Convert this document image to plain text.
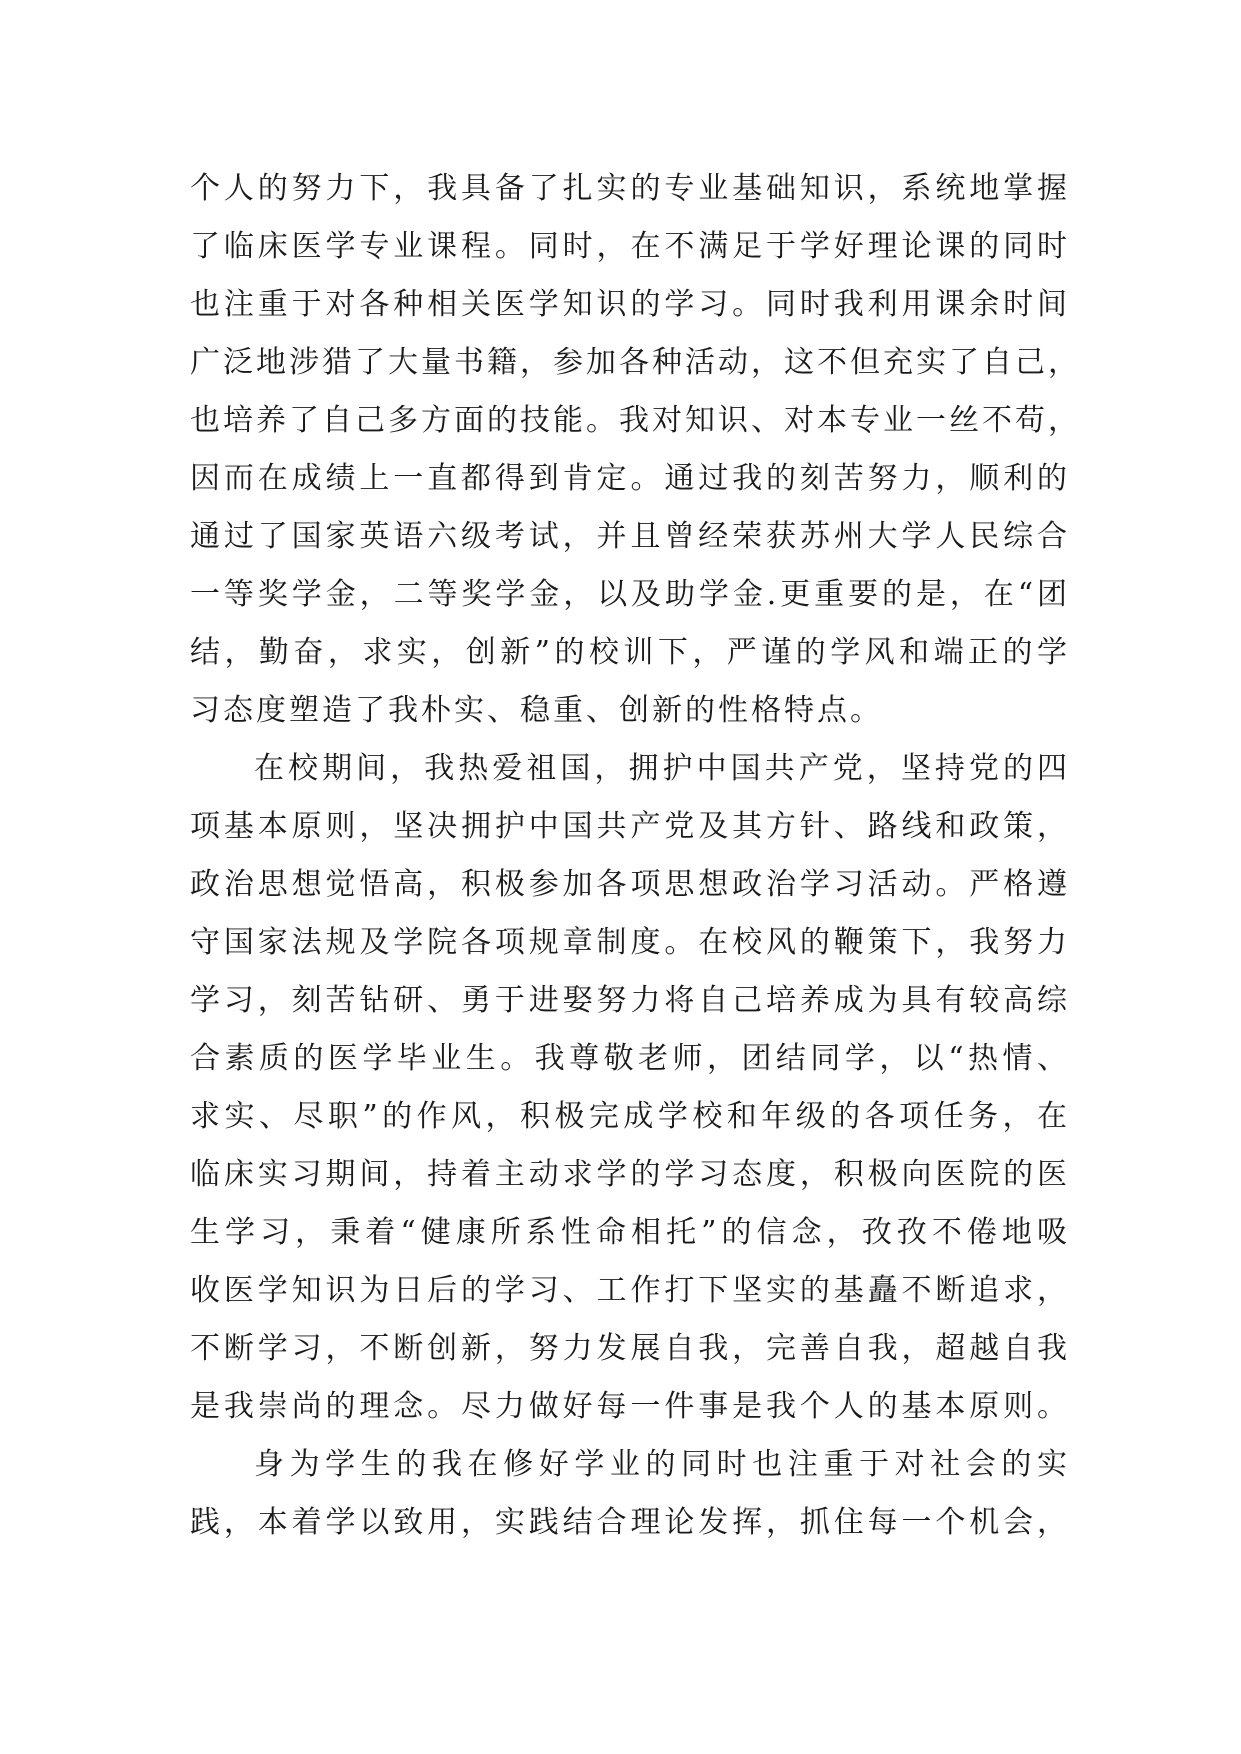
个人的努力下，我具备了扎实的专业基础知识，系统地掌握
了临床医学专业课程。同时，在不满足于学好理论课的同时
也注重于对各种相关医学知识的学习。同时我利用课余时间
广泛地涉猎了大量书籍，参加各种活动，这不但充实了自己，
也培养了自己多方面的技能。我对知识、对本专业一丝不苟，
因而在成绩上一直都得到肯定。通过我的刻苦努力，顺利的
通过了国家英语六级考试，并且曾经荣获苏州大学人民综合
一等奖学金，二等奖学金，以及助学金.更重要的是，在“团
结，勤奋，求实，创新”的校训下，严谨的学风和端正的学
习态度塑造了我朴实、稳重、创新的性格特点。
在校期间，我热爱祖国，拥护中国共产党，坚持党的四
项基本原则，坚决拥护中国共产党及其方针、路线和政策，
政治思想觉悟高，积极参加各项思想政治学习活动。严格遵
守国家法规及学院各项规章制度。在校风的鞭策下，我努力
学习，刻苦钻研、勇于进娶努力将自己培养成为具有较高综
合素质的医学毕业生。我尊敬老师，团结同学，以“热情、
求实、尽职”的作风，积极完成学校和年级的各项任务，在
临床实习期间，持着主动求学的学习态度，积极向医院的医
生学习，秉着“健康所系性命相托”的信念，孜孜不倦地吸
收医学知识为日后的学习、工作打下坚实的基矗不断追求，
不断学习，不断创新，努力发展自我，完善自我，超越自我
是我崇尚的理念。尽力做好每一件事是我个人的基本原则。
身为学生的我在修好学业的同时也注重于对社会的实
践，本着学以致用，实践结合理论发挥，抓住每一个机会，
